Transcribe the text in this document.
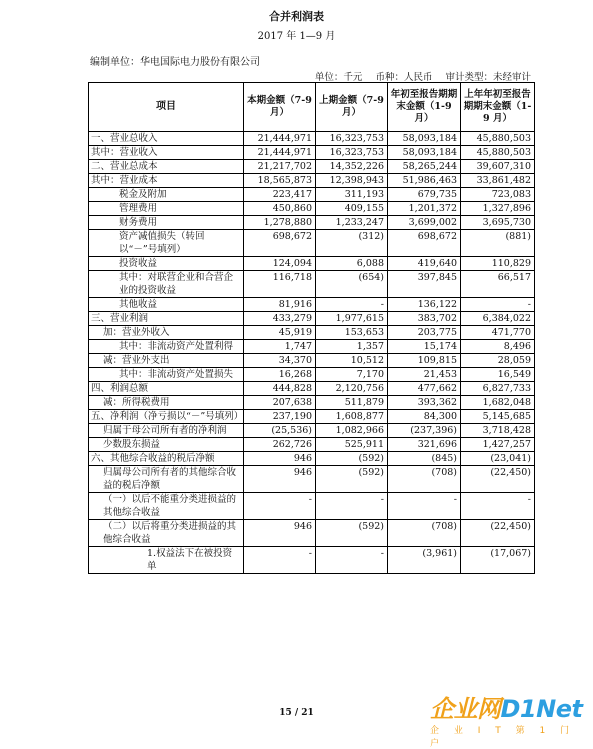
合并利润表
2017 年 1—9 月
编制单位：华电国际电力股份有限公司
单位：千元 币种：人民币 审计类型：未经审计
项目	本期金额（7-9 月）	上期金额（7-9 月）	年初至报告期期末金额（1-9 月）	上年年初至报告期期末金额（1-9 月）
一、营业总收入	21,444,971	16,323,753	58,093,184	45,880,503
其中：营业收入	21,444,971	16,323,753	58,093,184	45,880,503
二、营业总成本	21,217,702	14,352,226	58,265,244	39,607,310
其中：营业成本	18,565,873	12,398,943	51,986,463	33,861,482
税金及附加	223,417	311,193	679,735	723,083
管理费用	450,860	409,155	1,201,372	1,327,896
财务费用	1,278,880	1,233,247	3,699,002	3,695,730
资产减值损失（转回以“－”号填列）	698,672	(312)	698,672	(881)
投资收益	124,094	6,088	419,640	110,829
其中：对联营企业和合营企业的投资收益	116,718	(654)	397,845	66,517
其他收益	81,916	-	136,122	-
三、营业利润	433,279	1,977,615	383,702	6,384,022
加：营业外收入	45,919	153,653	203,775	471,770
其中：非流动资产处置利得	1,747	1,357	15,174	8,496
减：营业外支出	34,370	10,512	109,815	28,059
其中：非流动资产处置损失	16,268	7,170	21,453	16,549
四、利润总额	444,828	2,120,756	477,662	6,827,733
减：所得税费用	207,638	511,879	393,362	1,682,048
五、净利润（净亏损以“－”号填列）	237,190	1,608,877	84,300	5,145,685
归属于母公司所有者的净利润	(25,536)	1,082,966	(237,396)	3,718,428
少数股东损益	262,726	525,911	321,696	1,427,257
六、其他综合收益的税后净额	946	(592)	(845)	(23,041)
归属母公司所有者的其他综合收益的税后净额	946	(592)	(708)	(22,450)
（一）以后不能重分类进损益的其他综合收益	-	-	-	-
（二）以后将重分类进损益的其他综合收益	946	(592)	(708)	(22,450)
1.权益法下在被投资单	-	-	(3,961)	(17,067)
15 / 21	企业网D1Net
企 业 I T 第 1 门 户
